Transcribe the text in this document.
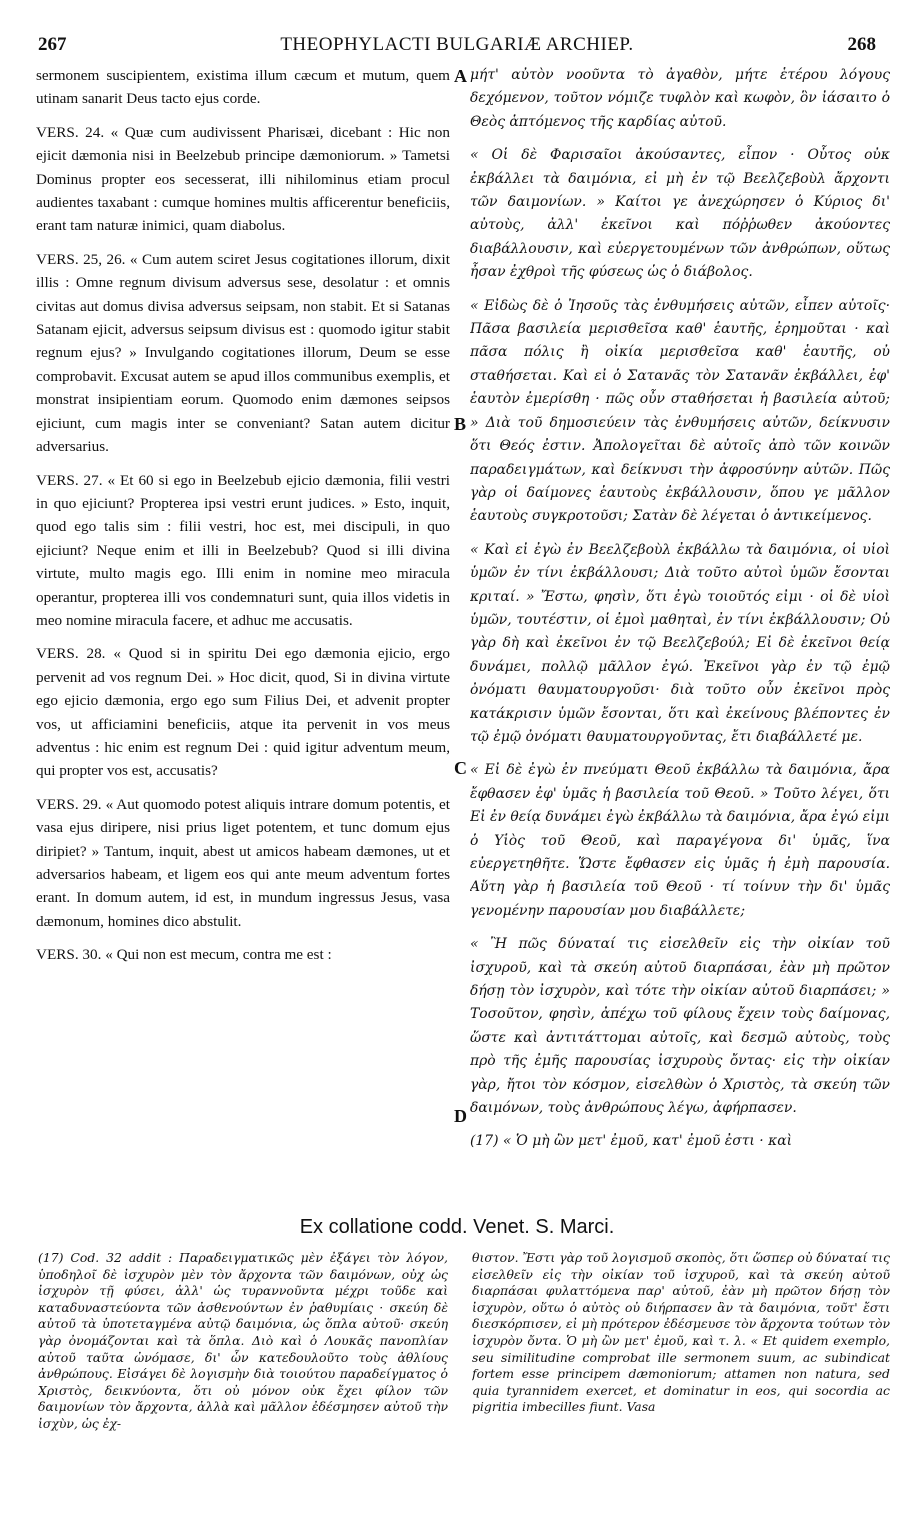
267	THEOPHYLACTI BULGARIÆ ARCHIEP.	268

sermonem suscipientem, existima illum cæcum et mutum, quem utinam sanarit Deus tacto ejus corde.

VERS. 24. « Quæ cum audivissent Pharisæi, dicebant : Hic non ejicit dæmonia nisi in Beelzebub principe dæmoniorum. » Tametsi Dominus propter eos secesserat, illi nihilominus etiam procul audientes taxabant : cumque homines multis afficerentur beneficiis, erant tam naturæ inimici, quam diabolus.

VERS. 25, 26. « Cum autem sciret Jesus cogitationes illorum, dixit illis : Omne regnum divisum adversus sese, desolatur : et omnis civitas aut domus divisa adversus seipsam, non stabit. Et si Satanas Satanam ejicit, adversus seipsum divisus est : quomodo igitur stabit regnum ejus? » Invulgando cogitationes illorum, Deum se esse comprobavit. Excusat autem se apud illos communibus exemplis, et monstrat insipientiam eorum. Quomodo enim dæmones seipsos ejiciunt, cum magis inter se conveniant? Satan autem dicitur adversarius.

VERS. 27. « Et 60 si ego in Beelzebub ejicio dæmonia, filii vestri in quo ejiciunt? Propterea ipsi vestri erunt judices. » Esto, inquit, quod ego talis sim : filii vestri, hoc est, mei discipuli, in quo ejiciunt? Neque enim et illi in Beelzebub? Quod si illi divina virtute, multo magis ego. Illi enim in nomine meo miracula operantur, propterea illi vos condemnaturi sunt, quia illos videtis in meo nomine miracula facere, et adhuc me accusatis.

VERS. 28. « Quod si in spiritu Dei ego dæmonia ejicio, ergo pervenit ad vos regnum Dei. » Hoc dicit, quod, Si in divina virtute ego ejicio dæmonia, ergo ego sum Filius Dei, et advenit propter vos, ut afficiamini beneficiis, atque ita pervenit in vos meus adventus : hic enim est regnum Dei : quid igitur adventum meum, qui propter vos est, accusatis?

VERS. 29. « Aut quomodo potest aliquis intrare domum potentis, et vasa ejus diripere, nisi prius liget potentem, et tunc domum ejus diripiet? » Tantum, inquit, abest ut amicos habeam dæmones, ut et adversarios habeam, et ligem eos qui ante meum adventum fortes erant. In domum autem, id est, in mundum ingressus Jesus, vasa dæmonum, homines dico abstulit.

VERS. 30. « Qui non est mecum, contra me est :

A
B
C
D

μήτ' αὐτὸν νοοῦντα τὸ ἀγαθὸν, μήτε ἑτέρου λόγους δεχόμενον, τοῦτον νόμιζε τυφλὸν καὶ κωφὸν, ὃν ἰάσαιτο ὁ Θεὸς ἁπτόμενος τῆς καρδίας αὐτοῦ.

« Οἱ δὲ Φαρισαῖοι ἀκούσαντες, εἶπον · Οὗτος οὐκ ἐκβάλλει τὰ δαιμόνια, εἰ μὴ ἐν τῷ Βεελζεβοὺλ ἄρχοντι τῶν δαιμονίων. » Καίτοι γε ἀνεχώρησεν ὁ Κύριος δι' αὐτοὺς, ἀλλ' ἐκεῖνοι καὶ πόῤῥωθεν ἀκούοντες διαβάλλουσιν, καὶ εὐεργετουμένων τῶν ἀνθρώπων, οὕτως ἦσαν ἐχθροὶ τῆς φύσεως ὡς ὁ διάβολος.

« Εἰδὼς δὲ ὁ Ἰησοῦς τὰς ἐνθυμήσεις αὐτῶν, εἶπεν αὐτοῖς· Πᾶσα βασιλεία μερισθεῖσα καθ' ἑαυτῆς, ἐρημοῦται · καὶ πᾶσα πόλις ἢ οἰκία μερισθεῖσα καθ' ἑαυτῆς, οὐ σταθήσεται. Καὶ εἰ ὁ Σατανᾶς τὸν Σατανᾶν ἐκβάλλει, ἐφ' ἑαυτὸν ἐμερίσθη · πῶς οὖν σταθήσεται ἡ βασιλεία αὐτοῦ; » Διὰ τοῦ δημοσιεύειν τὰς ἐνθυμήσεις αὐτῶν, δείκνυσιν ὅτι Θεός ἐστιν. Ἀπολογεῖται δὲ αὐτοῖς ἀπὸ τῶν κοινῶν παραδειγμάτων, καὶ δείκνυσι τὴν ἀφροσύνην αὐτῶν. Πῶς γὰρ οἱ δαίμονες ἑαυτοὺς ἐκβάλλουσιν, ὅπου γε μᾶλλον ἑαυτοὺς συγκροτοῦσι; Σατὰν δὲ λέγεται ὁ ἀντικείμενος.

« Καὶ εἰ ἐγὼ ἐν Βεελζεβοὺλ ἐκβάλλω τὰ δαιμόνια, οἱ υἱοὶ ὑμῶν ἐν τίνι ἐκβάλλουσι; Διὰ τοῦτο αὐτοὶ ὑμῶν ἔσονται κριταί. » Ἔστω, φησὶν, ὅτι ἐγὼ τοιοῦτός εἰμι · οἱ δὲ υἱοὶ ὑμῶν, τουτέστιν, οἱ ἐμοὶ μαθηταὶ, ἐν τίνι ἐκβάλλουσιν; Οὐ γὰρ δὴ καὶ ἐκεῖνοι ἐν τῷ Βεελζεβούλ; Εἰ δὲ ἐκεῖνοι θείᾳ δυνάμει, πολλῷ μᾶλλον ἐγώ. Ἐκεῖνοι γὰρ ἐν τῷ ἐμῷ ὀνόματι θαυματουργοῦσι· διὰ τοῦτο οὖν ἐκεῖνοι πρὸς κατάκρισιν ὑμῶν ἔσονται, ὅτι καὶ ἐκείνους βλέποντες ἐν τῷ ἐμῷ ὀνόματι θαυματουργοῦντας, ἔτι διαβάλλετέ με.

« Εἰ δὲ ἐγὼ ἐν πνεύματι Θεοῦ ἐκβάλλω τὰ δαιμόνια, ἄρα ἔφθασεν ἐφ' ὑμᾶς ἡ βασιλεία τοῦ Θεοῦ. » Τοῦτο λέγει, ὅτι Εἰ ἐν θείᾳ δυνάμει ἐγὼ ἐκβάλλω τὰ δαιμόνια, ἄρα ἐγώ εἰμι ὁ Υἱὸς τοῦ Θεοῦ, καὶ παραγέγονα δι' ὑμᾶς, ἵνα εὐεργετηθῆτε. Ὥστε ἔφθασεν εἰς ὑμᾶς ἡ ἐμὴ παρουσία. Αὕτη γὰρ ἡ βασιλεία τοῦ Θεοῦ · τί τοίνυν τὴν δι' ὑμᾶς γενομένην παρουσίαν μου διαβάλλετε;

« Ἢ πῶς δύναταί τις εἰσελθεῖν εἰς τὴν οἰκίαν τοῦ ἰσχυροῦ, καὶ τὰ σκεύη αὐτοῦ διαρπάσαι, ἐὰν μὴ πρῶτον δήσῃ τὸν ἰσχυρὸν, καὶ τότε τὴν οἰκίαν αὐτοῦ διαρπάσει; » Τοσοῦτον, φησὶν, ἀπέχω τοῦ φίλους ἔχειν τοὺς δαίμονας, ὥστε καὶ ἀντιτάττομαι αὐτοῖς, καὶ δεσμῶ αὐτοὺς, τοὺς πρὸ τῆς ἐμῆς παρουσίας ἰσχυροὺς ὄντας· εἰς τὴν οἰκίαν γὰρ, ἤτοι τὸν κόσμον, εἰσελθὼν ὁ Χριστὸς, τὰ σκεύη τῶν δαιμόνων, τοὺς ἀνθρώπους λέγω, ἀφήρπασεν.

(17) « Ὁ μὴ ὢν μετ' ἐμοῦ, κατ' ἐμοῦ ἐστι · καὶ

Ex collatione codd. Venet. S. Marci.
(17) Cod. 32 addit : Παραδειγματικῶς μὲν ἐξάγει τὸν λόγον, ὑποδηλοῖ δὲ ἰσχυρὸν μὲν τὸν ἄρχοντα τῶν δαιμόνων, οὐχ ὡς ἰσχυρὸν τῇ φύσει, ἀλλ' ὡς τυραννοῦντα μέχρι τοῦδε καὶ καταδυναστεύοντα τῶν ἀσθενούντων ἐν ῥαθυμίαις · σκεύη δὲ αὐτοῦ τὰ ὑποτεταγμένα αὐτῷ δαιμόνια, ὡς ὅπλα αὐτοῦ· σκεύη γὰρ ὀνομάζονται καὶ τὰ ὅπλα. Διὸ καὶ ὁ Λουκᾶς πανοπλίαν αὐτοῦ ταῦτα ὠνόμασε, δι' ὧν κατεδουλοῦτο τοὺς ἀθλίους ἀνθρώπους. Εἰσάγει δὲ λογισμὴν διὰ τοιούτου παραδείγματος ὁ Χριστὸς, δεικνύοντα, ὅτι οὐ μόνον οὐκ ἔχει φίλον τῶν δαιμονίων τὸν ἄρχοντα, ἀλλὰ καὶ μᾶλλον ἐδέσμησεν αὐτοῦ τὴν ἰσχὺν, ὡς ἐχ-
θιστον. Ἔστι γὰρ τοῦ λογισμοῦ σκοπὸς, ὅτι ὥσπερ οὐ δύναταί τις εἰσελθεῖν εἰς τὴν οἰκίαν τοῦ ἰσχυροῦ, καὶ τὰ σκεύη αὐτοῦ διαρπάσαι φυλαττόμενα παρ' αὐτοῦ, ἐὰν μὴ πρῶτον δήσῃ τὸν ἰσχυρὸν, οὕτω ὁ αὐτὸς οὐ διήρπασεν ἂν τὰ δαιμόνια, τοῦτ' ἔστι διεσκόρπισεν, εἰ μὴ πρότερον ἐδέσμευσε τὸν ἄρχοντα τούτων τὸν ἰσχυρὸν ὄντα. Ὁ μὴ ὢν μετ' ἐμοῦ, καὶ τ. λ. « Et quidem exemplo, seu similitudine comprobat ille sermonem suum, ac subindicat fortem esse principem dæmoniorum; attamen non natura, sed quia tyrannidem exercet, et dominatur in eos, qui socordia ac pigritia imbecilles fiunt. Vasa
